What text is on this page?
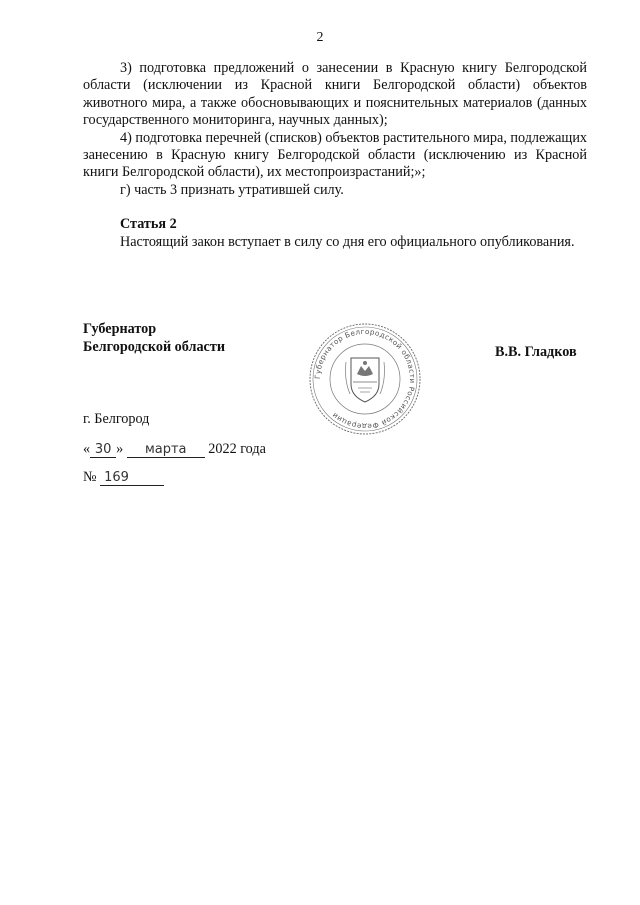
2

3) подготовка предложений о занесении в Красную книгу Белгородской области (исключении из Красной книги Белгородской области) объектов животного мира, а также обосновывающих и пояснительных материалов (данных государственного мониторинга, научных данных);

4) подготовка перечней (списков) объектов растительного мира, подлежащих занесению в Красную книгу Белгородской области (исключению из Красной книги Белгородской области), их местопроизрастаний;»;

г) часть 3 признать утратившей силу.

Статья 2

Настоящий закон вступает в силу со дня его официального опубликования.

Губернатор
Белгородской области
Губернатор Белгородской области Российской Федерации
В.В. Гладков
г. Белгород
« 30 » марта 2022 года
№ 169
